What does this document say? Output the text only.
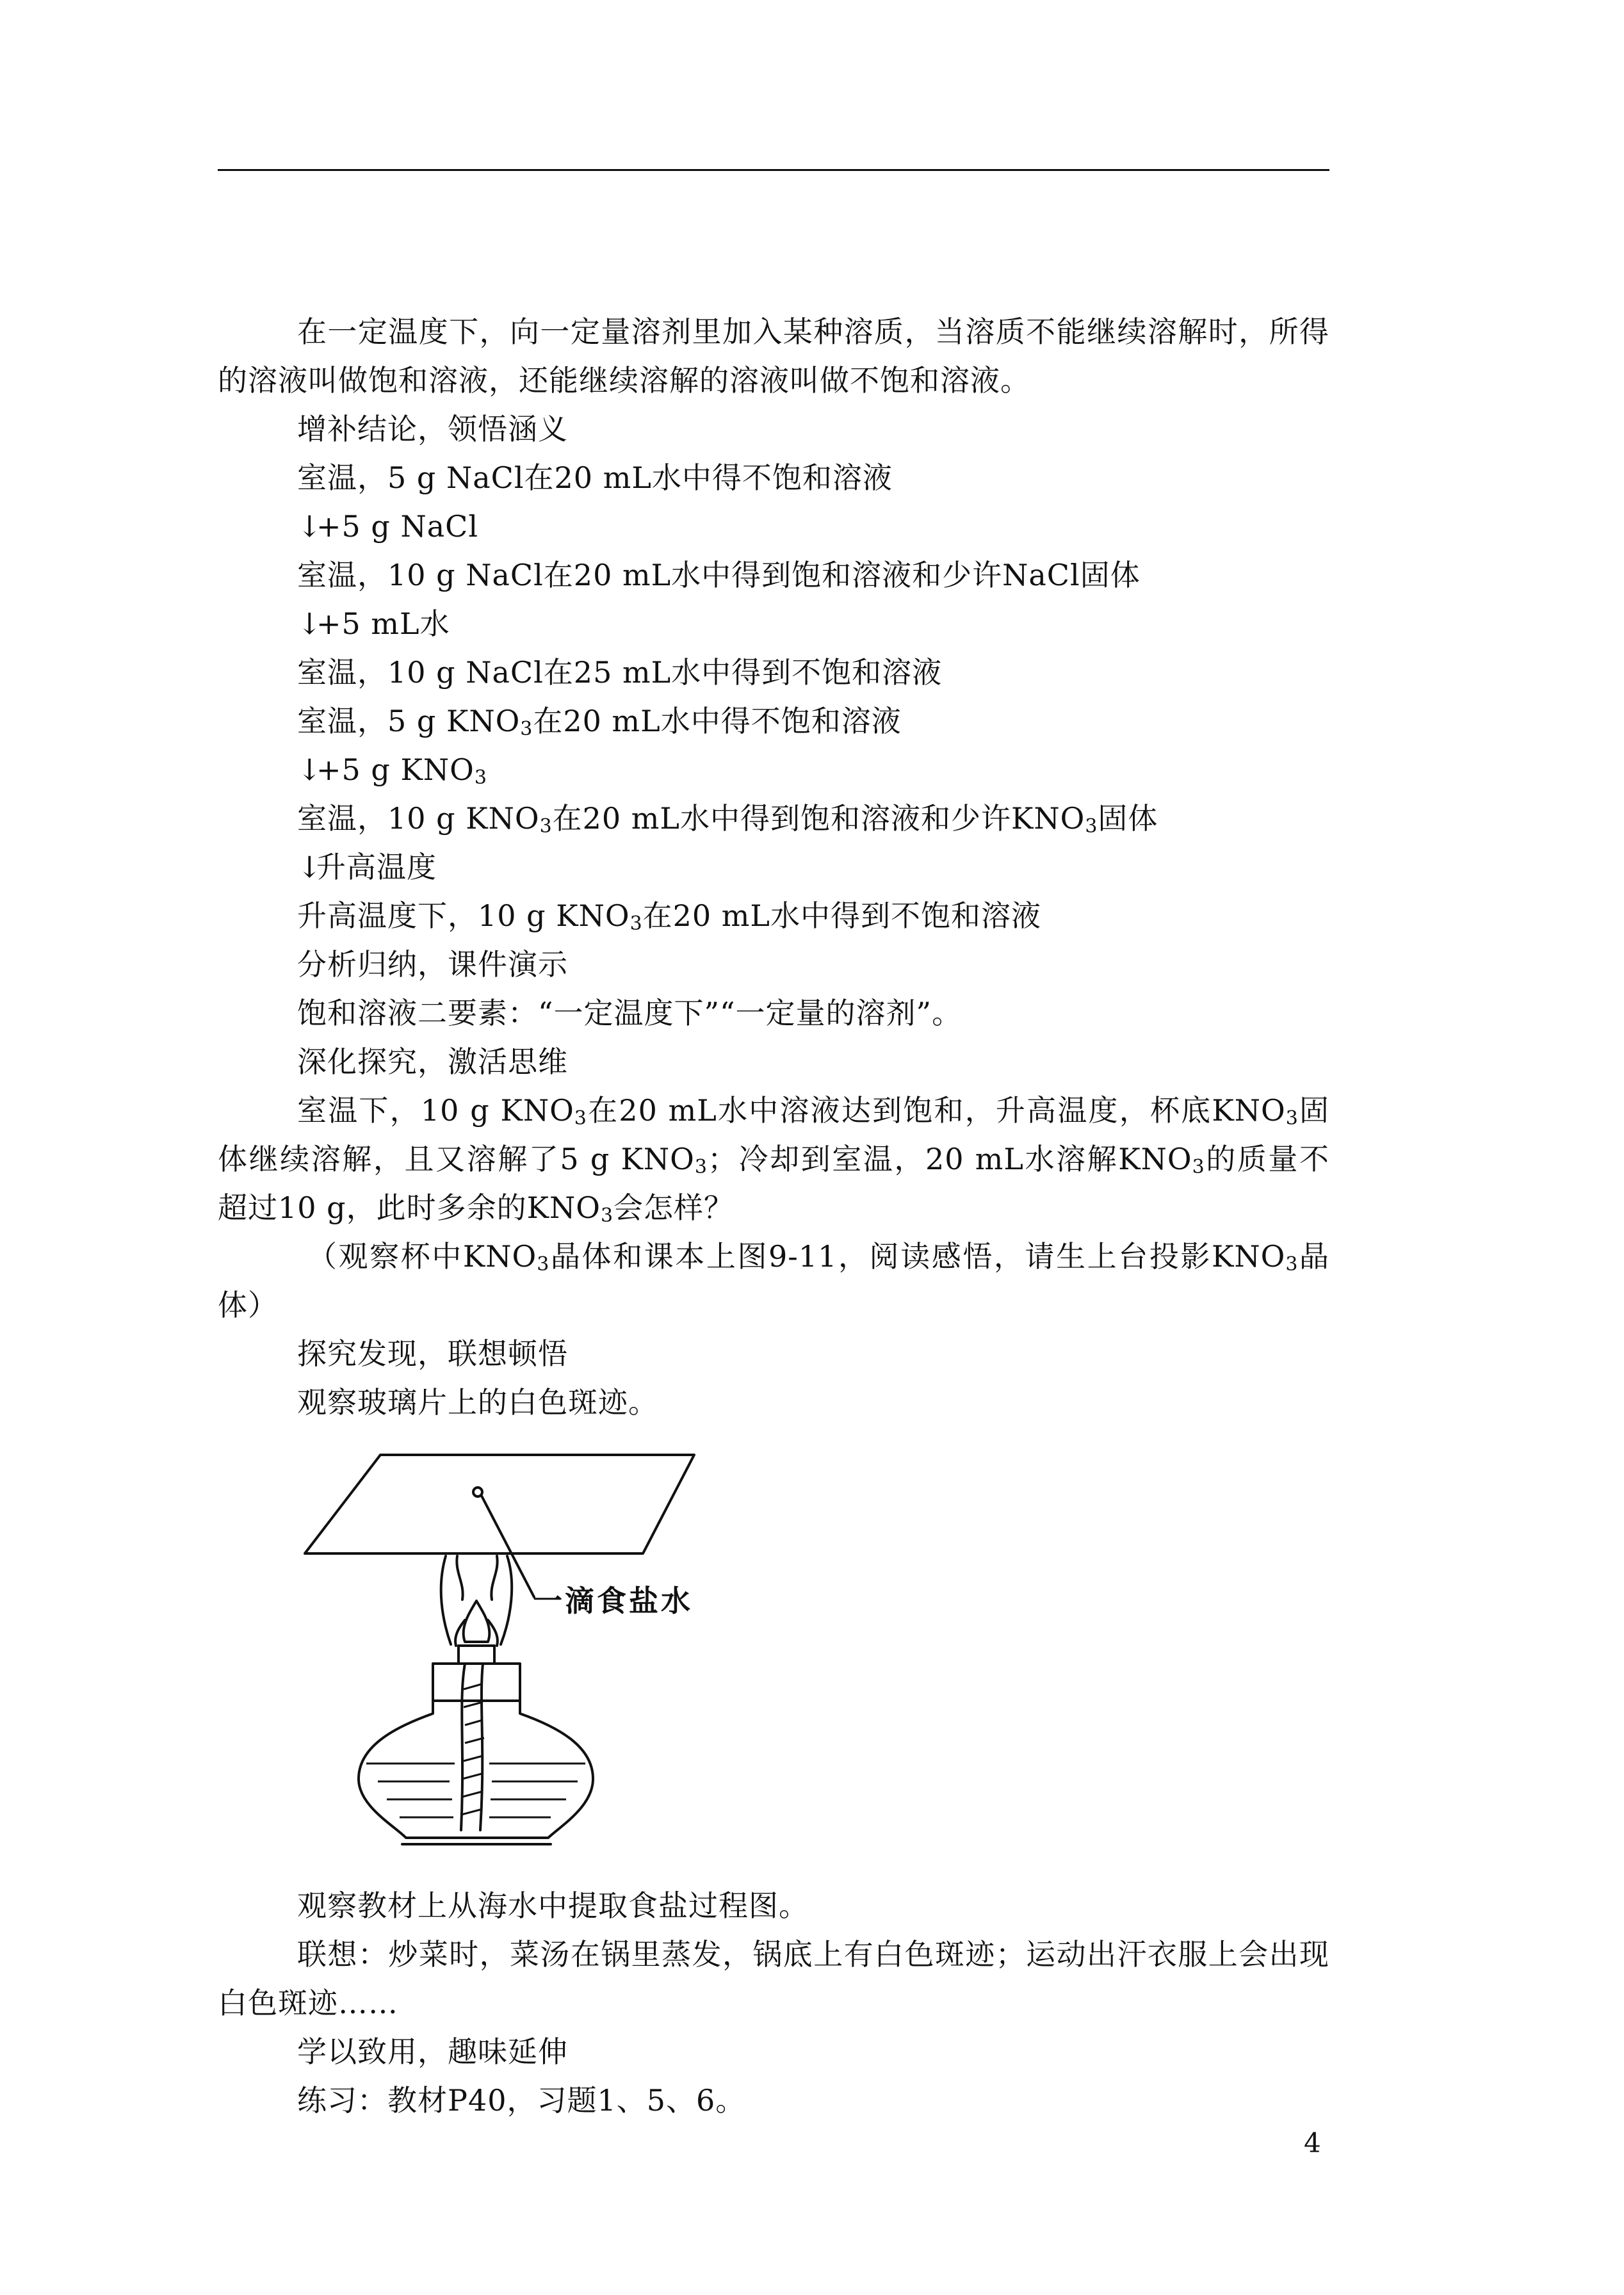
在一定温度下，向一定量溶剂里加入某种溶质，当溶质不能继续溶解时，所得的溶液叫做饱和溶液，还能继续溶解的溶液叫做不饱和溶液。

增补结论，领悟涵义

室温，5 g NaCl在20 mL水中得不饱和溶液

↓+5 g NaCl

室温，10 g NaCl在20 mL水中得到饱和溶液和少许NaCl固体

↓+5 mL水

室温，10 g NaCl在25 mL水中得到不饱和溶液

室温，5 g $KNO_3$在20 mL水中得不饱和溶液

↓+5 g $KNO_3$

室温，10 g $KNO_3$在20 mL水中得到饱和溶液和少许$KNO_3$固体

↓升高温度

升高温度下，10 g $KNO_3$在20 mL水中得到不饱和溶液

分析归纳，课件演示

饱和溶液二要素：“一定温度下”“一定量的溶剂”。

深化探究，激活思维

室温下，10 g $KNO_3$在20 mL水中溶液达到饱和，升高温度，杯底$KNO_3$固体继续溶解，且又溶解了5 g $KNO_3$；冷却到室温，20 mL水溶解$KNO_3$的质量不超过10 g，此时多余的$KNO_3$会怎样？

（观察杯中$KNO_3$晶体和课本上图9-11，阅读感悟，请生上台投影$KNO_3$晶体）

探究发现，联想顿悟

观察玻璃片上的白色斑迹。

一滴食盐水

观察教材上从海水中提取食盐过程图。

联想：炒菜时，菜汤在锅里蒸发，锅底上有白色斑迹；运动出汗衣服上会出现白色斑迹……

学以致用，趣味延伸

练习：教材P40，习题1、5、6。

4
